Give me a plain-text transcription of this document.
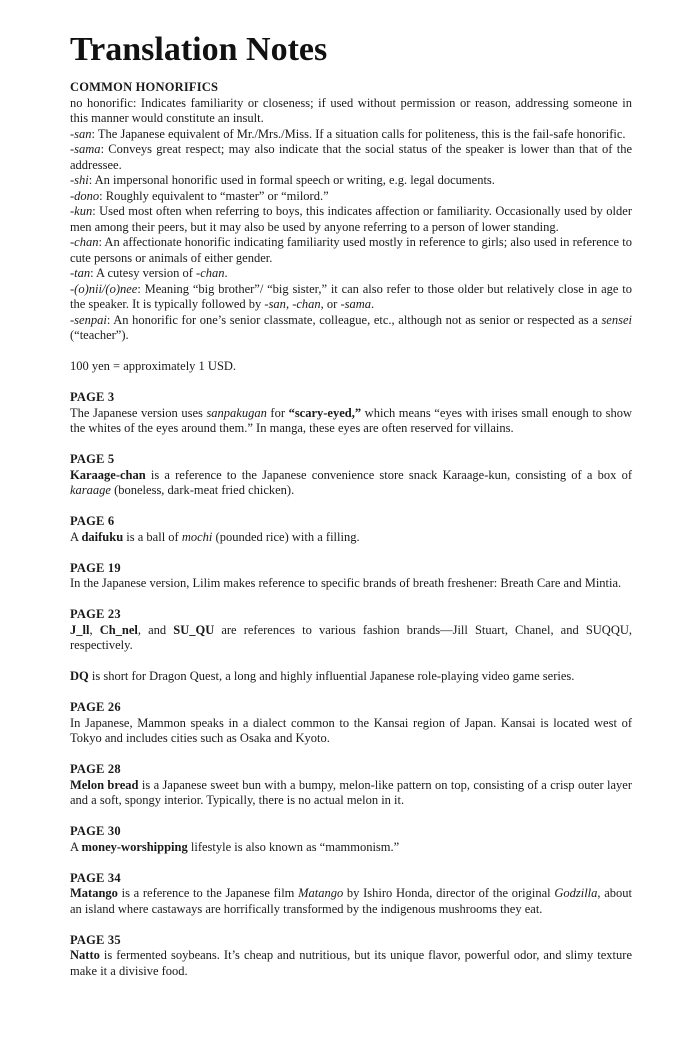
Translation Notes

COMMON HONORIFICS

no honorific: Indicates familiarity or closeness; if used without permission or reason, addressing someone in this manner would constitute an insult.

-san: The Japanese equivalent of Mr./Mrs./Miss. If a situation calls for politeness, this is the fail-safe honorific.

-sama: Conveys great respect; may also indicate that the social status of the speaker is lower than that of the addressee.

-shi: An impersonal honorific used in formal speech or writing, e.g. legal documents.

-dono: Roughly equivalent to “master” or “milord.”

-kun: Used most often when referring to boys, this indicates affection or familiarity. Occasionally used by older men among their peers, but it may also be used by anyone referring to a person of lower standing.

-chan: An affectionate honorific indicating familiarity used mostly in reference to girls; also used in reference to cute persons or animals of either gender.

-tan: A cutesy version of -chan.

-(o)nii/(o)nee: Meaning “big brother”/ “big sister,” it can also refer to those older but relatively close in age to the speaker. It is typically followed by -san, -chan, or -sama.

-senpai: An honorific for one’s senior classmate, colleague, etc., although not as senior or respected as a sensei (“teacher”).

100 yen = approximately 1 USD.

PAGE 3

The Japanese version uses sanpakugan for “scary-eyed,” which means “eyes with irises small enough to show the whites of the eyes around them.” In manga, these eyes are often reserved for villains.

PAGE 5

Karaage-chan is a reference to the Japanese convenience store snack Karaage-kun, consisting of a box of karaage (boneless, dark-meat fried chicken).

PAGE 6

A daifuku is a ball of mochi (pounded rice) with a filling.

PAGE 19

In the Japanese version, Lilim makes reference to specific brands of breath freshener: Breath Care and Mintia.

PAGE 23

J_ll, Ch_nel, and SU_QU are references to various fashion brands—Jill Stuart, Chanel, and SUQQU, respectively.

DQ is short for Dragon Quest, a long and highly influential Japanese role-playing video game series.

PAGE 26

In Japanese, Mammon speaks in a dialect common to the Kansai region of Japan. Kansai is located west of Tokyo and includes cities such as Osaka and Kyoto.

PAGE 28

Melon bread is a Japanese sweet bun with a bumpy, melon-like pattern on top, consisting of a crisp outer layer and a soft, spongy interior. Typically, there is no actual melon in it.

PAGE 30

A money-worshipping lifestyle is also known as “mammonism.”

PAGE 34

Matango is a reference to the Japanese film Matango by Ishiro Honda, director of the original Godzilla, about an island where castaways are horrifically transformed by the indigenous mushrooms they eat.

PAGE 35

Natto is fermented soybeans. It’s cheap and nutritious, but its unique flavor, powerful odor, and slimy texture make it a divisive food.
